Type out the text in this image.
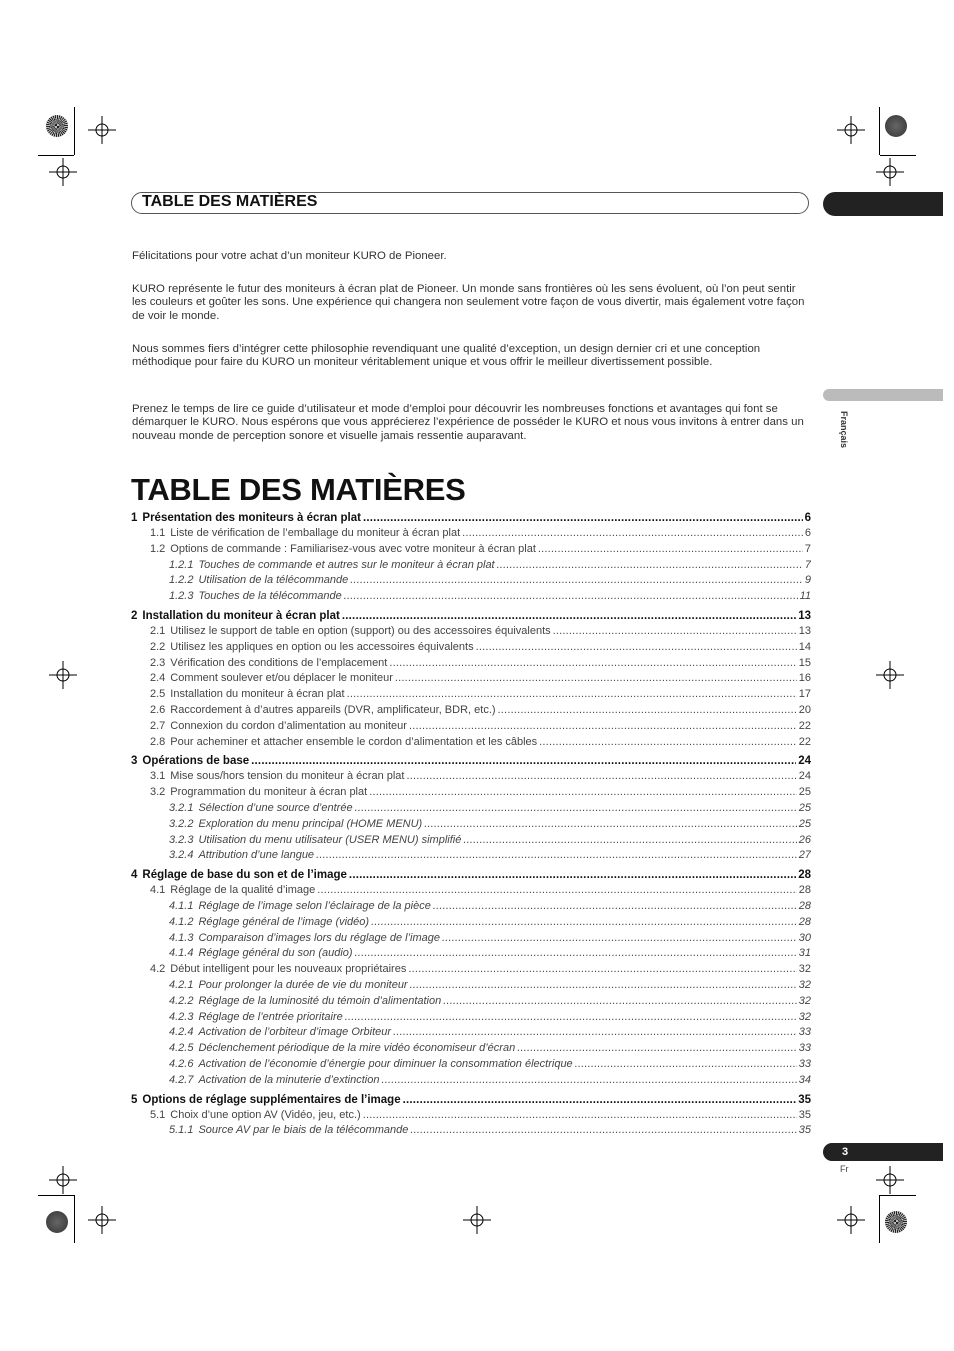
TABLE DES MATIÈRES
Français

Félicitations pour votre achat d’un moniteur KURO de Pioneer.

KURO représente le futur des moniteurs à écran plat de Pioneer. Un monde sans frontières où les sens évoluent, où l’on peut sentir les couleurs et goûter les sons. Une expérience qui changera non seulement votre façon de vous divertir, mais également votre façon de voir le monde.

Nous sommes fiers d’intégrer cette philosophie revendiquant une qualité d’exception, un design dernier cri et une conception méthodique pour faire du KURO un moniteur véritablement unique et vous offrir le meilleur divertissement possible.

Prenez le temps de lire ce guide d’utilisateur et mode d’emploi pour découvrir les nombreuses fonctions et avantages qui font se démarquer le KURO. Nous espérons que vous apprécierez l’expérience de posséder le KURO et nous vous invitons à entrer dans un nouveau monde de perception sonore et visuelle jamais ressentie auparavant.

TABLE DES MATIÈRES
1 Présentation des moniteurs à écran plat .....	6
1.1 Liste de vérification de l’emballage du moniteur à écran plat .....	6
1.2 Options de commande : Familiarisez-vous avec votre moniteur à écran plat .....	7
1.2.1 Touches de commande et autres sur le moniteur à écran plat .....	7
1.2.2 Utilisation de la télécommande .....	9
1.2.3 Touches de la télécommande .....	11
2 Installation du moniteur à écran plat .....	13
2.1 Utilisez le support de table en option (support) ou des accessoires équivalents .....	13
2.2 Utilisez les appliques en option ou les accessoires équivalents .....	14
2.3 Vérification des conditions de l’emplacement .....	15
2.4 Comment soulever et/ou déplacer le moniteur .....	16
2.5 Installation du moniteur à écran plat .....	17
2.6 Raccordement à d’autres appareils (DVR, amplificateur, BDR, etc.) .....	20
2.7 Connexion du cordon d’alimentation au moniteur .....	22
2.8 Pour acheminer et attacher ensemble le cordon d’alimentation et les câbles .....	22
3 Opérations de base .....	24
3.1 Mise sous/hors tension du moniteur à écran plat .....	24
3.2 Programmation du moniteur à écran plat .....	25
3.2.1 Sélection d’une source d’entrée .....	25
3.2.2 Exploration du menu principal (HOME MENU) .....	25
3.2.3 Utilisation du menu utilisateur (USER MENU) simplifié .....	26
3.2.4 Attribution d’une langue .....	27
4 Réglage de base du son et de l’image .....	28
4.1 Réglage de la qualité d’image .....	28
4.1.1 Réglage de l’image selon l’éclairage de la pièce .....	28
4.1.2 Réglage général de l’image (vidéo) .....	28
4.1.3 Comparaison d’images lors du réglage de l’image .....	30
4.1.4 Réglage général du son (audio) .....	31
4.2 Début intelligent pour les nouveaux propriétaires .....	32
4.2.1 Pour prolonger la durée de vie du moniteur .....	32
4.2.2 Réglage de la luminosité du témoin d’alimentation .....	32
4.2.3 Réglage de l’entrée prioritaire .....	32
4.2.4 Activation de l’orbiteur d’image Orbiteur .....	33
4.2.5 Déclenchement périodique de la mire vidéo économiseur d’écran .....	33
4.2.6 Activation de l’économie d’énergie pour diminuer la consommation électrique .....	33
4.2.7 Activation de la minuterie d’extinction .....	34
5 Options de réglage supplémentaires de l’image .....	35
5.1 Choix d’une option AV (Vidéo, jeu, etc.) .....	35
5.1.1 Source AV par le biais de la télécommande .....	35
3
Fr
